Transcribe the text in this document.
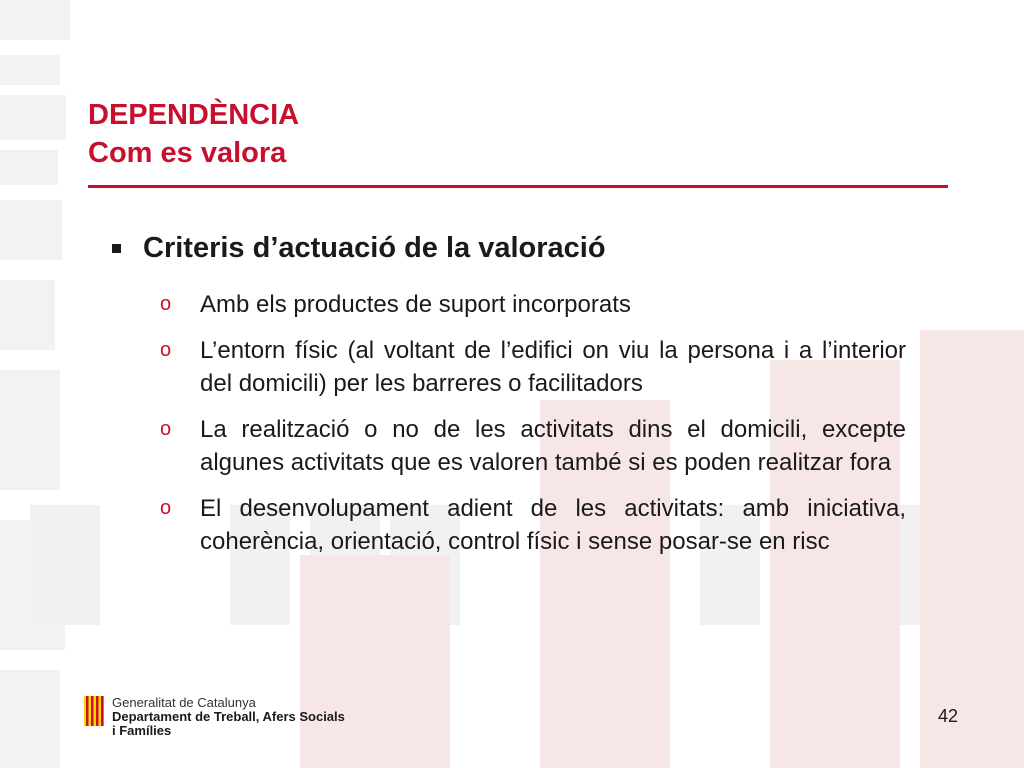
DEPENDÈNCIA
Com es valora
Criteris d’actuació de la valoració
o	Amb els productes de suport incorporats
o	L’entorn físic (al voltant de l’edifici on viu la persona i a l’interior del domicili) per les barreres o facilitadors
o	La realització o no de les activitats dins el domicili, excepte algunes activitats que es valoren també si es poden realitzar fora
o	El desenvolupament adient de les activitats: amb iniciativa, coherència, orientació, control físic i sense posar-se en risc
Generalitat de Catalunya
Departament de Treball, Afers Socials
i Famílies
42
